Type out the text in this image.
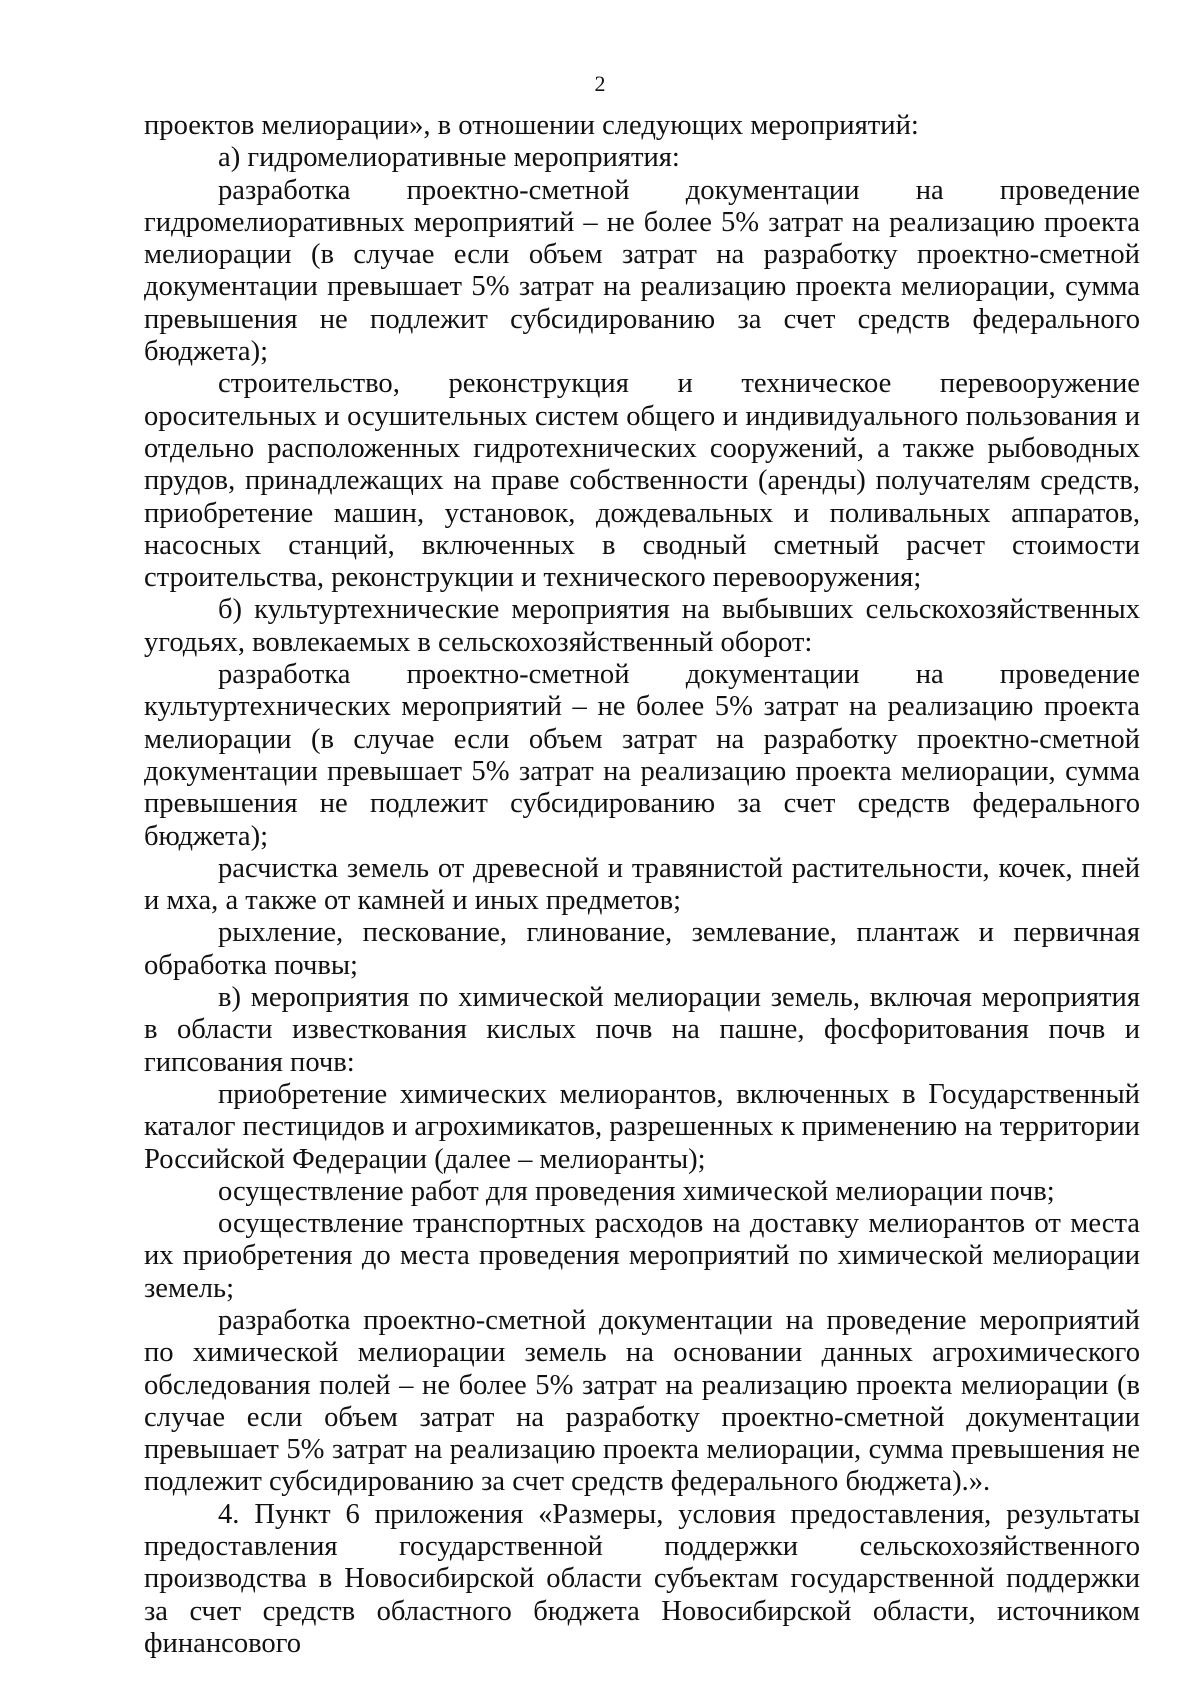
2

проектов мелиорации», в отношении следующих мероприятий:

а) гидромелиоративные мероприятия:

разработка проектно-сметной документации на проведение гидромелиоративных мероприятий – не более 5% затрат на реализацию проекта мелиорации (в случае если объем затрат на разработку проектно-сметной документации превышает 5% затрат на реализацию проекта мелиорации, сумма превышения не подлежит субсидированию за счет средств федерального бюджета);

строительство, реконструкция и техническое перевооружение оросительных и осушительных систем общего и индивидуального пользования и отдельно расположенных гидротехнических сооружений, а также рыбоводных прудов, принадлежащих на праве собственности (аренды) получателям средств, приобретение машин, установок, дождевальных и поливальных аппаратов, насосных станций, включенных в сводный сметный расчет стоимости строительства, реконструкции и технического перевооружения;

б) культуртехнические мероприятия на выбывших сельскохозяйственных угодьях, вовлекаемых в сельскохозяйственный оборот:

разработка проектно-сметной документации на проведение культуртехнических мероприятий – не более 5% затрат на реализацию проекта мелиорации (в случае если объем затрат на разработку проектно-сметной документации превышает 5% затрат на реализацию проекта мелиорации, сумма превышения не подлежит субсидированию за счет средств федерального бюджета);

расчистка земель от древесной и травянистой растительности, кочек, пней и мха, а также от камней и иных предметов;

рыхление, пескование, глинование, землевание, плантаж и первичная обработка почвы;

в) мероприятия по химической мелиорации земель, включая мероприятия в области известкования кислых почв на пашне, фосфоритования почв и гипсования почв:

приобретение химических мелиорантов, включенных в Государственный каталог пестицидов и агрохимикатов, разрешенных к применению на территории Российской Федерации (далее – мелиоранты);

осуществление работ для проведения химической мелиорации почв;

осуществление транспортных расходов на доставку мелиорантов от места их приобретения до места проведения мероприятий по химической мелиорации земель;

разработка проектно-сметной документации на проведение мероприятий по химической мелиорации земель на основании данных агрохимического обследования полей – не более 5% затрат на реализацию проекта мелиорации (в случае если объем затрат на разработку проектно-сметной документации превышает 5% затрат на реализацию проекта мелиорации, сумма превышения не подлежит субсидированию за счет средств федерального бюджета).».

4. Пункт 6 приложения «Размеры, условия предоставления, результаты предоставления государственной поддержки сельскохозяйственного производства в Новосибирской области субъектам государственной поддержки за счет средств областного бюджета Новосибирской области, источником финансового
